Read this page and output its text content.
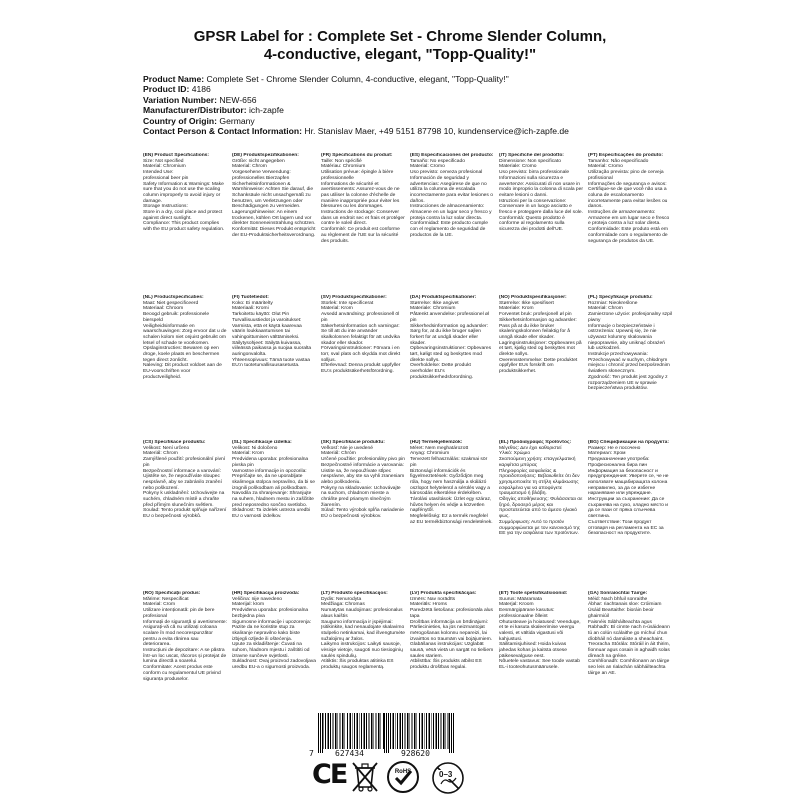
GPSR Label for : Complete Set - Chrome Slender Column,
4-conductive, elegant, "Topp-Quality!"
Product Name: Complete Set - Chrome Slender Column, 4-conductive, elegant, "Topp-Quality!"
Product ID: 4186
Variation Number: NEW-656
Manufacturer/Distributor: ich-zapfe
Country of Origin: Germany
Contact Person & Contact Information: Hr. Stanislav Maer, +49 5151 87798 10, kundenservice@ich-zapfe.de
(EN) Product Specifications:
Size: Not specified
Material: Chromium
Intended Use:
professional beer pin
Safety Information & Warnings: Make sure that you do not use the scaling column improperly to avoid injury or damage.
Storage Instructions:
Store in a dry, cool place and protect against direct sunlight.
Compliance: This product complies with the EU product safety regulation.
(DE) Produktspezifikationen:
Größe: nicht angegeben
Material: Chrom
Vorgesehene Verwendung: professionelles Bierzapfen
Sicherheitsinformationen & Warnhinweise: Achten Sie darauf, die Schanksäule nicht unsachgemäß zu benutzen, um Verletzungen oder Beschädigungen zu vermeiden.
Lagerungshinweise: An einem trockenen, kühlen Ort lagern und vor direkter Sonneneinstrahlung schützen.
Konformität: Dieses Produkt entspricht der EU-Produktsicherheitsverordnung.
(FR) Spécifications du produit:
Taille: Non spécifié
Matériau: Chromium
Utilisation prévue: épingle à bière professionnelle
Informations de sécurité et avertissements: Assurez-vous de ne pas utiliser la colonne d'échelle de manière inappropriée pour éviter les blessures ou les dommages.
Instructions de stockage: Conserver dans un endroit sec et frais et protéger contre le soleil direct.
Conformité: Ce produit est conforme au règlement de l'UE sur la sécurité des produits.
(ES) Especificaciones del producto:
Tamaño: No especificado
Material: Cromo
Uso previsto: cerveza profesional
Información de seguridad y advertencias: Asegúrese de que no utiliza la columna de escalada incorrectamente para evitar lesiones o daños.
Instrucciones de almacenamiento: Almacene en un lugar seco y fresco y proteja contra la luz solar directa.
Conformidad: Este producto cumple con el reglamento de seguridad de productos de la UE.
(IT) Specifiche del prodotto:
Dimensione: Non specificato
Materiale: Cromo
Uso previsto: birra professionale
Informazioni sulla sicurezza e avvertenze: Assicurati di non usare in modo improprio la colonna di scala per evitare lesioni o danni.
Istruzioni per la conservazione: Conservare in un luogo asciutto e fresco e proteggere dalla luce del sole.
Conformità: Questo prodotto è conforme al regolamento sulla sicurezza dei prodotti dell'UE.
(PT) Especificações do produto:
Tamanho: Não especificado
Material: Cromo
Utilização prevista: pino de cerveja profissional
Informações de segurança e avisos: Certifique-se de que você não usa a coluna de escalonamento incorretamente para evitar lesões ou danos.
Instruções de armazenamento: Armazene em um lugar seco e fresco e proteja contra a luz solar direta.
Conformidade: Este produto está em conformidade com o regulamento de segurança de produtos da UE.
(NL) Productspecificaties:
Maat: Niet gespecificeerd
Materiaal: Chroom
Beoogd gebruik: professionele bierspeld
Veiligheidsinformatie en waarschuwingen: Zorg ervoor dat u de schalen kolom niet onjuist gebruikt om letsel of schade te voorkomen.
Opslaginstructies: Bewaren op een droge, koele plaats en beschermen tegen direct zonlicht.
Naleving: Dit product voldoet aan de EU-voorschriften voor productveiligheid.
(FI) Tuotetiedot:
Koko: Ei määritelty
Materiaali: Kromi
Tarkoitettu käyttö: Olut Pin
Turvallisuustiedot ja varoitukset: Varmista, että et käytä kaarevaa väärin loukkaantumisen tai vahingoittumisen välttämiseksi.
Säilytysohjeet: Säilytä kuivassa, viileässä paikassa ja suojaa suoralta auringonvalolta.
Yhteensopivuus: Tämä tuote vastaa EU:n tuoteturvallisuusasetusta.
(SV) Produktspecifikationer:
Storlek: Inte specificerat
Material: Krom
Avsedd användning: professionell öl pin
Säkerhetsinformation och varningar: Se till att du inte använder skalkolonnen felaktigt för att undvika skador eller skador.
Förvaringsinstruktioner: Förvara i en torr, sval plats och skydda mot direkt solljus.
Efterlevnad: Denna produkt uppfyller EU:s produktsäkerhetsförordning.
(DA) Produktspecifikationer:
Størrelse: Ikke angivet
Materiale: Chromium
Påtænkt anvendelse: professionel øl pin
Sikkerhedsinformation og advarsler: Sørg for, at du ikke bruger søjlen forkert for at undgå skader eller skader.
Opbevaringsinstruktioner: Opbevares tørt, køligt sted og beskyttes mod direkte sollys.
Overholdelse: Dette produkt overholder EU's produktsikkerhedsforordning.
(NO) Produktspesifikasjoner:
Størrelse: Ikke spesifisert
Materiale: Krom
Forventet bruk: profesjonell øl pin
Sikkerhetsinformasjon og advarsler: Pass på at du ikke bruker skaleringskolonnen feilaktig for å unngå skade eller skader.
Lagringsinstruksjoner: Oppbevares på et tørt, kjølig sted og beskyttes mot direkte sollys.
Overensstemmelse: Dette produktet oppfyller EUs forskrift om produktsikkerhet.
(PL) Specyfikacje produktu:
Rozmiar: Nieokreślone
Materiał: Chrom
Zamierzone użycie: profesjonalny szpil piwny
Informacje o bezpieczeństwie i ostrzeżenia: Upewnij się, że nie używasz kolumny skalowania niepoprawnie, aby uniknąć obrażeń lub uszkodzeń.
Instrukcje przechowywania: Przechowywać w suchym, chłodnym miejscu i chronić przed bezpośrednim światłem słonecznym.
Zgodność: Ten produkt jest zgodny z rozporządzeniem UE w sprawie bezpieczeństwa produktów.
(CS) Specifikace produktu:
Velikost: Není určeno
Materiál: Chrom
Zamýšlené použití: profesionální pivní pin
Bezpečnostní informace a varování: Ujistěte se, že nepoužíváte sloupec nesprávně, aby se zabránilo zranění nebo poškození.
Pokyny k uskladnění: Uchovávejte na suchém, chladném místě a chraňte před přímým slunečním světlem.
Soulad: Tento produkt splňuje nařízení EU o bezpečnosti výrobků.
(SL) Specifikacije izdelka:
Velikost: Ni določeno
Material: Krom
Predvidena uporaba: profesionalna pivska pin
Varnostne informacije in opozorila: Prepričajte se, da ne uporabljate skalirnega stolpca nepravilno, da bi se izognili poškodbam ali poškodbam.
Navodila za shranjevanje: Shranjujte na suhem, hladnem mestu in zaščitite pred neposredno sončno svetlobo.
Skladnost: Ta izdelek ustreza uredbi EU o varnosti izdelkov.
(SK) Špecifikácie produktu:
Veľkosť: Nie je uvedené
Materiál: Chróm
Určené použitie: profesionálny pivo pin
Bezpečnostné informácie a varovania: Uistite sa, že nepoužívate stĺpec nesprávne, aby ste sa vyhli zraneniam alebo poškodeniu.
Pokyny na skladovanie: Uchovávajte na suchom, chladnom mieste a chráňte pred priamym slnečným žiarením.
Súlad: Tento výrobok spĺňa nariadenie EÚ o bezpečnosti výrobkov.
(HU) Termékjellemzők:
Méret: Nem meghatározott
Anyag: Chromium
Tervezett felhasználás: szakmai sör pin
Biztonsági információk és figyelmeztetések: Győződjön meg róla, hogy nem használja a skálázó oszlopot helytelenül a sérülés vagy a károsodás elkerülése érdekében.
Tárolási utasítások: Üzlet egy száraz, hűvös helyen és védje a közvetlen napfénytől.
Megfelelőség: Ez a termék megfelel az EU termékbiztonsági rendeletének.
(EL) Προδιαγραφές προϊόντος:
Μέγεθος: Δεν έχει καθοριστεί
Υλικό: Χρώμιο
Σκοπούμενη χρήση: επαγγελματική καρφίτσα μπύρας
Πληροφορίες ασφαλείας & προειδοποιήσεις: Βεβαιωθείτε ότι δεν χρησιμοποιείτε τη στήλη κλιμάκωσης εσφαλμένα για να αποφύγετε τραυματισμό ή βλάβη.
Οδηγίες αποθήκευσης: Φυλάσσεται σε ξηρό, δροσερό μέρος και προστατεύεται από το άμεσο ηλιακό φως.
Συμμόρφωση: Αυτό το προϊόν συμμορφώνεται με τον κανονισμό της ΕΕ για την ασφάλεια των προϊόντων.
(BG) Спецификации на продукта:
Размер: Не е посочено
Материал: Хром
Предназначение употреба: Професионална бира пин
Информация за безопасност и предупреждения: Уверете се, че не използвате мащабиращата колона неправилно, за да се избегне нараняване или увреждане.
Инструкции за съхранение: Да се съхранява на сухо, хладно място и да се пази от пряка слънчева светлина.
Съответствие: Този продукт отговаря на регламента на ЕС за безопасност на продуктите.
(RO) Specificații produs:
Mărime: Nespecificat
Material: Crom
Utilizare intenționată: pin de bere profesional
Informații de siguranță și avertismente: Asigurați-vă că nu utilizați coloana scalare în mod necorespunzător pentru a evita rănirea sau deteriorarea.
Instrucțiuni de depozitare: A se păstra într-un loc uscat, răcoros și protejat de lumina directă a soarelui.
Conformitate: Acest produs este conform cu regulamentul UE privind siguranța produselor.
(HR) Specifikacija proizvoda:
Veličina: nije navedeno
Materijal: krom
Predviđena uporaba: profesionalna bezbjedna piva
Sigurnosne informacije i upozorenja: Pazite da ne koristite stup za skaliranje nepravilno kako biste izbjegli ozljede ili oštećenja.
Upute za skladištenje: Čuvati na suhom, hladnom mjestu i zaštititi od izravne sunčeve svjetlosti.
Sukladnost: Ovaj proizvod zadovoljava uredbu EU-a o sigurnosti proizvoda.
(LT) Produkto specifikacijos:
Dydis: Nenurodyta
Medžiaga: Chromas
Numatytas naudojimas: profesionalus alaus kaištis
Saugumo informacija ir įspėjimai: Įsitikinkite, kad nenaudojate skalavimo stulpelio netinkamai, kad išvengtumėte sužalojimų ar žalos.
Laikymo instrukcijos: Laikyti sausoje, vėsioje vietoje, saugoti nuo tiesioginių saulės spindulių.
Atitiktis: Šis produktas atitinka ES produktų saugos reglamentą.
(LV) Produkta specifikācijas:
Izmērs: Nav norādīts
Materiāls: Hroms
Paredzētā lietošana: profesionāla alus tapa
Drošības informācija un brīdinājumi: Pārliecinieties, ka jūs neizmantojat mērogošanas kolonnu nepareizi, lai izvairītos no traumām vai bojājumiem.
Glabāšanas instrukcijas: Uzglabāt sausā, vēsā vietā un sargāt no tiešiem saules stariem.
Atbilstība: Šis produkts atbilst ES produktu drošības regulai.
(ET) Toote spetsifikatsioonid:
Suurus: Määramata
Materjal: Kroom
Eesmärgipärane kasutus: professionaalne õlleint
Ohutusteave ja hoiatused: Veenduge, et te ei kasuta skaleerimise veergu valesti, et vältida vigastusi või kahjustusi.
Säilitamisjuhised: Hoida kuivas jahedas kohas ja kaitsta otsese päikesevalguse eest.
Nõuetele vastavus: See toode vastab EL-i tooteohutusmäärusele.
(GA) Sonraíochtaí Táirge:
Méid: Nach bhfuil sonraithe
Ábhar: riachtanais sloe: Cróimiam
Úsáid Beartaithe: bioráin beoir ghairmiúil
Faisnéis Sábháilteachta agus Rabhadh: Bí cinnte nach n-úsáideann tú an colún scálaithe go míchuí chun díobháil nó damáiste a sheachaint.
Treoracha Stórála: Stóráil in áit thirim, fionnuar agus cosain in aghaidh solas díreach na gréine.
Comhlíonadh: Comhlíonann an táirge seo leis an rialachán sábháilteachta táirge an AE.
7	627434	928620
CE	RoHS	0–3
